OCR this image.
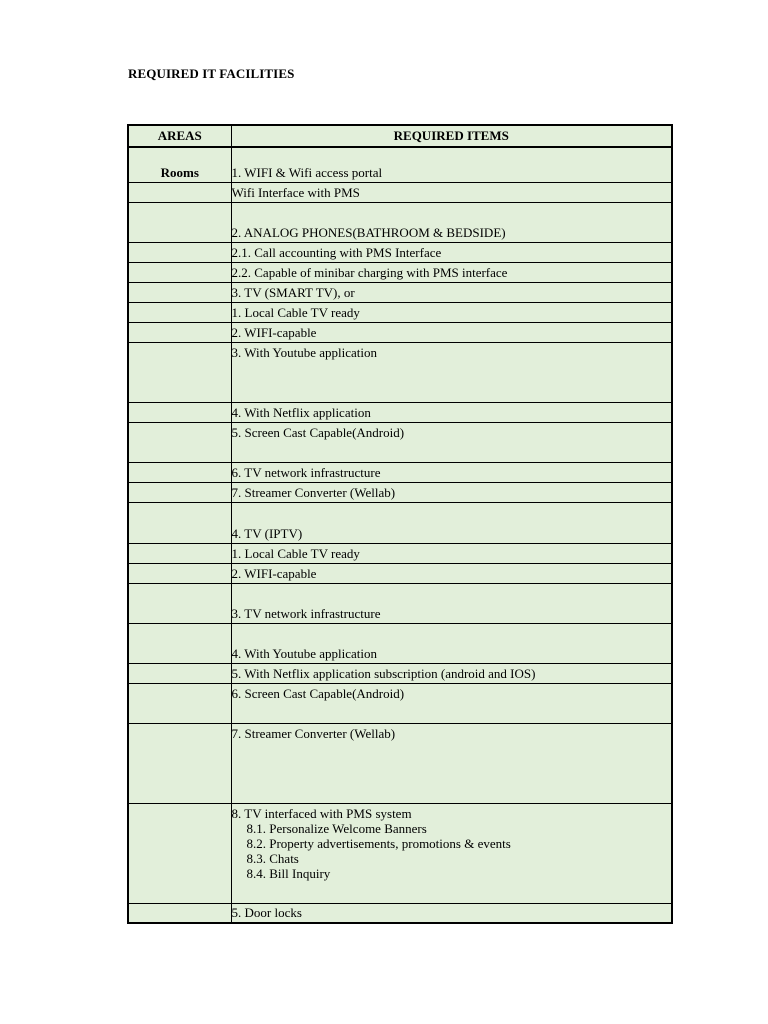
REQUIRED IT FACILITIES
AREAS	REQUIRED ITEMS
Rooms	1. WIFI & Wifi access portal
	Wifi Interface with PMS
	2. ANALOG PHONES(BATHROOM & BEDSIDE)
	2.1. Call accounting with PMS Interface
	2.2. Capable of minibar charging with PMS interface
	3. TV (SMART TV), or
	1. Local Cable TV ready
	2. WIFI-capable
	3. With Youtube application
	4. With Netflix application
	5. Screen Cast Capable(Android)
	6. TV network infrastructure
	7. Streamer Converter (Wellab)
	4. TV (IPTV)
	1. Local Cable TV ready
	2. WIFI-capable
	3. TV network infrastructure
	4. With Youtube application
	5. With Netflix application subscription (android and IOS)
	6. Screen Cast Capable(Android)
	7. Streamer Converter (Wellab)

	8. TV interfaced with PMS system
8.1. Personalize Welcome Banners
8.2. Property advertisements, promotions & events
8.3. Chats
8.4. Bill Inquiry

	5. Door locks
